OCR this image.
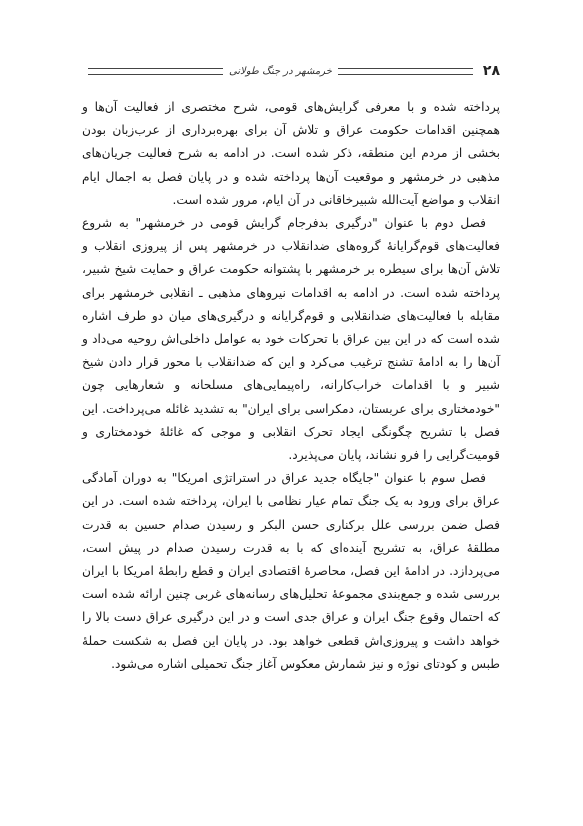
۲۸
خرمشهر در جنگ طولانی

پرداخته شده و با معرفی گرایش‌های قومی، شرح مختصری از فعالیت آن‌ها و همچنین اقدامات حکومت عراق و تلاش آن برای بهره‌برداری از عرب‌زبان بودن بخشی از مردم این منطقه، ذکر شده است. در ادامه به شرح فعالیت جریان‌های مذهبی در خرمشهر و موقعیت آن‌ها پرداخته شده و در پایان فصل به اجمال ایام انقلاب و مواضع آیت‌الله شبیرخاقانی در آن ایام، مرور شده است.

فصل دوم با عنوان "درگیری بدفرجام گرایش قومی در خرمشهر" به شروع فعالیت‌های قوم‌گرایانهٔ گروه‌های ضدانقلاب در خرمشهر پس از پیروزی انقلاب و تلاش آن‌ها برای سیطره بر خرمشهر با پشتوانه حکومت عراق و حمایت شیخ شبیر، پرداخته شده است. در ادامه به اقدامات نیروهای مذهبی ـ انقلابی خرمشهر برای مقابله با فعالیت‌های ضدانقلابی و قوم‌گرایانه و درگیری‌های میان دو طرف اشاره شده است که در این بین عراق با تحرکات خود به عوامل داخلی‌اش روحیه می‌داد و آن‌ها را به ادامهٔ تشنج ترغیب می‌کرد و این که ضدانقلاب با محور قرار دادن شیخ شبیر و با اقدامات خراب‌کارانه، راه‌پیمایی‌های مسلحانه و شعارهایی چون "خودمختاری برای عربستان، دمکراسی برای ایران" به تشدید غائله می‌پرداخت. این فصل با تشریح چگونگی ایجاد تحرک انقلابی و موجی که غائلهٔ خودمختاری و قومیت‌گرایی را فرو نشاند، پایان می‌پذیرد.

فصل سوم با عنوان "جایگاه جدید عراق در استراتژی امریکا" به دوران آمادگی عراق برای ورود به یک جنگ تمام عیار نظامی با ایران، پرداخته شده است. در این فصل ضمن بررسی علل برکناری حسن البکر و رسیدن صدام حسین به قدرت مطلقهٔ عراق، به تشریح آینده‌ای که با به قدرت رسیدن صدام در پیش است، می‌پردازد. در ادامهٔ این فصل، محاصرهٔ اقتصادی ایران و قطع رابطهٔ امریکا با ایران بررسی شده و جمع‌بندی مجموعهٔ تحلیل‌های رسانه‌های غربی چنین ارائه شده است که احتمال وقوع جنگ ایران و عراق جدی است و در این درگیری عراق دست بالا را خواهد داشت و پیروزی‌اش قطعی خواهد بود. در پایان این فصل به شکست حملهٔ طبس و کودتای نوژه و نیز شمارش معکوس آغاز جنگ تحمیلی اشاره می‌شود.
